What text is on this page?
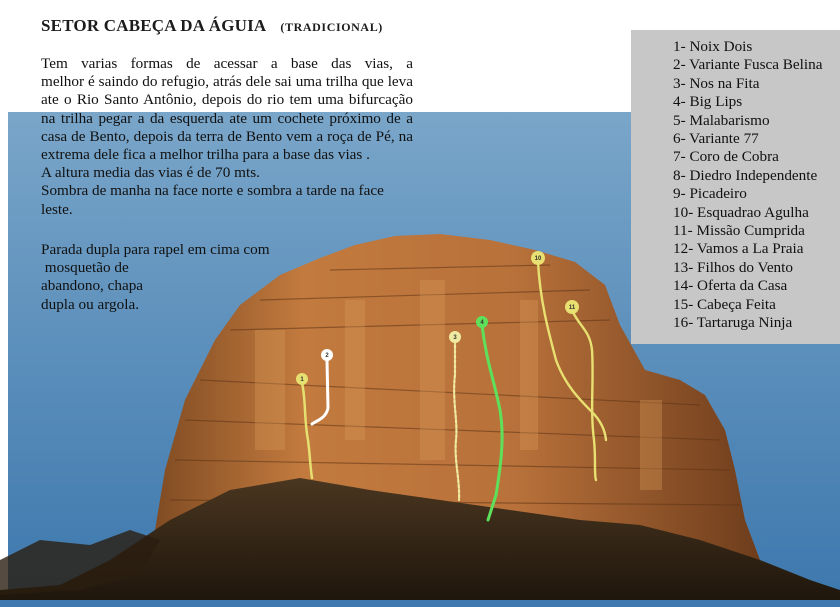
1
2
3
4
10
11
SETOR CABEÇA DA ÁGUIA (TRADICIONAL)
Tem varias formas de acessar a base das vias, a

melhor é saindo do refugio, atrás dele sai uma trilha que leva ate o Rio Santo Antônio, depois do rio tem uma bifurcação na trilha pegar a da esquerda ate um cochete próximo de a casa de Bento, depois da terra de Bento vem a roça de Pé, na extrema dele fica a melhor trilha para a base das vias .

A altura media das vias é de 70 mts.

Sombra de manha na face norte e sombra a tarde na face leste.

Parada dupla para rapel em cima com
mosquetão de
abandono, chapa
dupla ou argola.
1- Noix Dois
2- Variante Fusca Belina
3- Nos na Fita
4- Big Lips
5- Malabarismo
6- Variante 77
7- Coro de Cobra
8- Diedro Independente
9- Picadeiro
10- Esquadrao Agulha
11- Missão Cumprida
12- Vamos a La Praia
13- Filhos do Vento
14- Oferta da Casa
15- Cabeça Feita
16- Tartaruga Ninja
